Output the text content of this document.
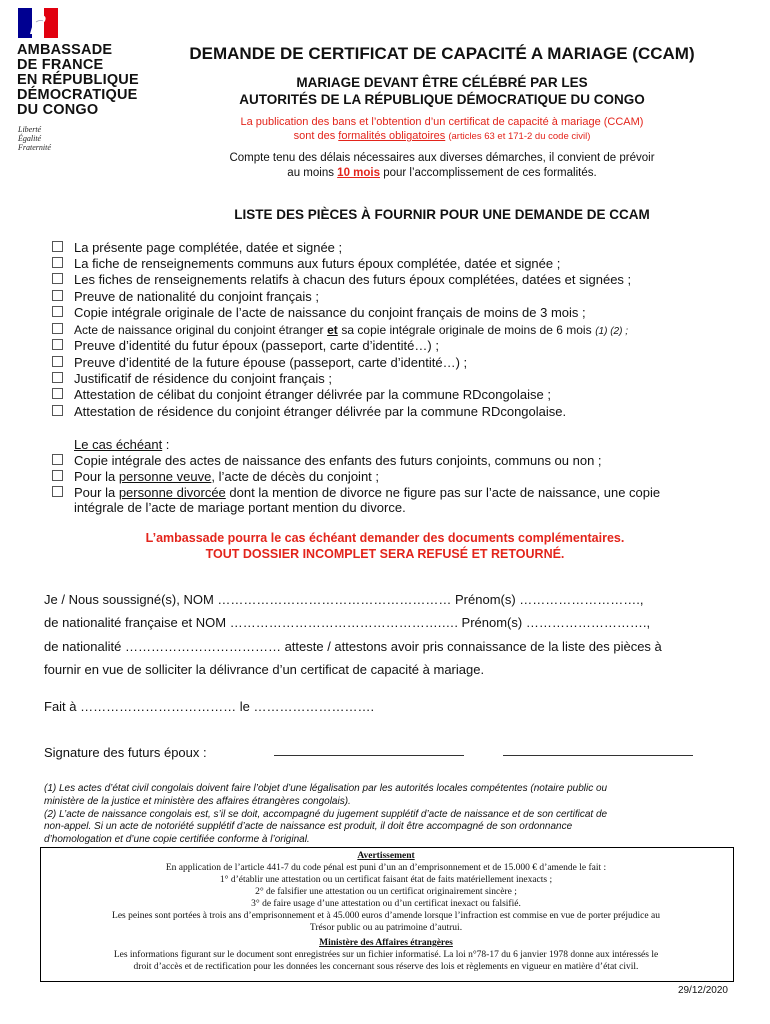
AMBASSADE
DE FRANCE
EN RÉPUBLIQUE
DÉMOCRATIQUE
DU CONGO
Liberté
Égalité
Fraternité
DEMANDE DE CERTIFICAT DE CAPACITÉ A MARIAGE (CCAM)
MARIAGE DEVANT ÊTRE CÉLÉBRÉ PAR LES
AUTORITÉS DE LA RÉPUBLIQUE DÉMOCRATIQUE DU CONGO
La publication des bans et l’obtention d’un certificat de capacité à mariage (CCAM)
sont des formalités obligatoires (articles 63 et 171-2 du code civil)
Compte tenu des délais nécessaires aux diverses démarches, il convient de prévoir
au moins 10 mois pour l’accomplissement de ces formalités.
LISTE DES PIÈCES À FOURNIR POUR UNE DEMANDE DE CCAM
La présente page complétée, datée et signée ;
La fiche de renseignements communs aux futurs époux complétée, datée et signée ;
Les fiches de renseignements relatifs à chacun des futurs époux complétées, datées et signées ;
Preuve de nationalité du conjoint français ;
Copie intégrale originale de l’acte de naissance du conjoint français de moins de 3 mois ;
Acte de naissance original du conjoint étranger et sa copie intégrale originale de moins de 6 mois (1) (2) ;
Preuve d’identité du futur époux (passeport, carte d’identité…) ;
Preuve d’identité de la future épouse (passeport, carte d’identité…) ;
Justificatif de résidence du conjoint français ;
Attestation de célibat du conjoint étranger délivrée par la commune RDcongolaise ;
Attestation de résidence du conjoint étranger délivrée par la commune RDcongolaise.
Le cas échéant :
Copie intégrale des actes de naissance des enfants des futurs conjoints, communs ou non ;
Pour la personne veuve, l’acte de décès du conjoint ;
Pour la personne divorcée dont la mention de divorce ne figure pas sur l’acte de naissance, une copie
intégrale de l’acte de mariage portant mention du divorce.
L’ambassade pourra le cas échéant demander des documents complémentaires.
TOUT DOSSIER INCOMPLET SERA REFUSÉ ET RETOURNÉ.
Je / Nous soussigné(s), NOM ……………………………………………… Prénom(s) ……………………….,
de nationalité française et NOM ………………………………………….…. Prénom(s) ……………………….,
de nationalité ……………………………… atteste / attestons avoir pris connaissance de la liste des pièces à
fournir en vue de solliciter la délivrance d’un certificat de capacité à mariage.
Fait à ……………………………… le ……………………….
Signature des futurs époux :
(1) Les actes d’état civil congolais doivent faire l’objet d’une légalisation par les autorités locales compétentes (notaire public ou
ministère de la justice et ministère des affaires étrangères congolais).
(2) L’acte de naissance congolais est, s’il se doit, accompagné du jugement supplétif d’acte de naissance et de son certificat de
non-appel. Si un acte de notoriété supplétif d’acte de naissance est produit, il doit être accompagné de son ordonnance
d’homologation et d’une copie certifiée conforme à l’original.
Avertissement
En application de l’article 441-7 du code pénal est puni d’un an d’emprisonnement et de 15.000 € d’amende le fait :
1° d’établir une attestation ou un certificat faisant état de faits matériellement inexacts ;
2° de falsifier une attestation ou un certificat originairement sincère ;
3° de faire usage d’une attestation ou d’un certificat inexact ou falsifié.
Les peines sont portées à trois ans d’emprisonnement et à 45.000 euros d’amende lorsque l’infraction est commise en vue de porter préjudice au
Trésor public ou au patrimoine d’autrui.
Ministère des Affaires étrangères
Les informations figurant sur le document sont enregistrées sur un fichier informatisé. La loi n°78-17 du 6 janvier 1978 donne aux intéressés le
droit d’accès et de rectification pour les données les concernant sous réserve des lois et règlements en vigueur en matière d’état civil.
29/12/2020
